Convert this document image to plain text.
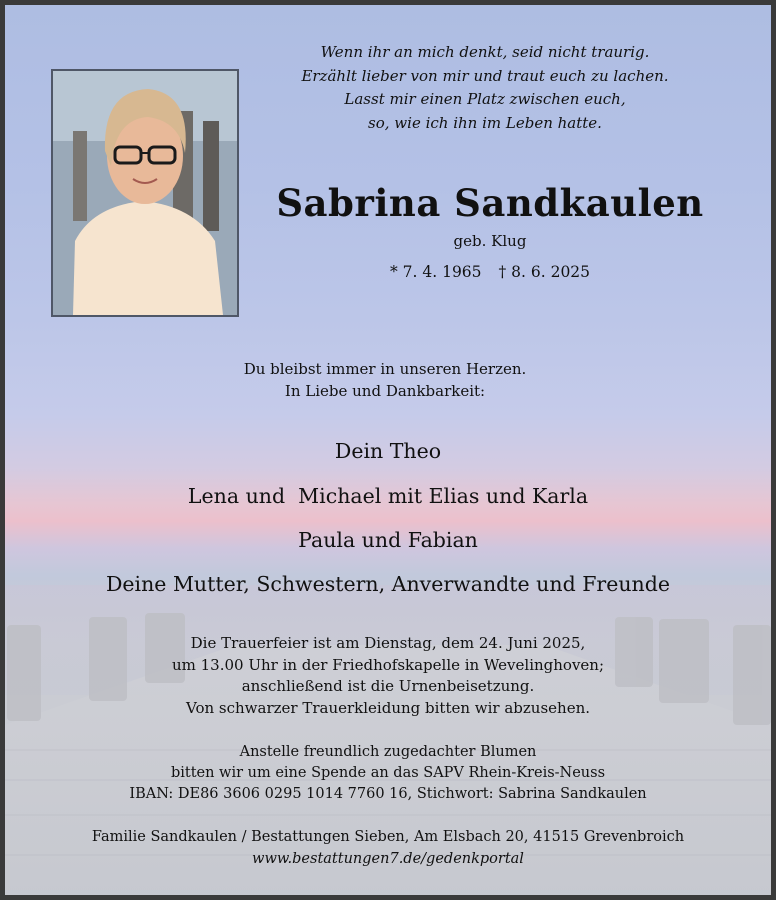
Wenn ihr an mich denkt, seid nicht traurig.
Erzählt lieber von mir und traut euch zu lachen.
Lasst mir einen Platz zwischen euch,
so, wie ich ihn im Leben hatte.
Sabrina Sandkaulen
geb. Klug
* 7. 4. 1965 † 8. 6. 2025
Du bleibst immer in unseren Herzen.
In Liebe und Dankbarkeit:
Dein Theo
Lena und  Michael mit Elias und Karla
Paula und Fabian
Deine Mutter, Schwestern, Anverwandte und Freunde
Die Trauerfeier ist am Dienstag, dem 24. Juni 2025,
um 13.00 Uhr in der Friedhofskapelle in Wevelinghoven;
anschließend ist die Urnenbeisetzung.
Von schwarzer Trauerkleidung bitten wir abzusehen.
Anstelle freundlich zugedachter Blumen
bitten wir um eine Spende an das SAPV Rhein-Kreis-Neuss
IBAN: DE86 3606 0295 1014 7760 16, Stichwort: Sabrina Sandkaulen
Familie Sandkaulen / Bestattungen Sieben, Am Elsbach 20, 41515 Grevenbroich
www.bestattungen7.de/gedenkportal
